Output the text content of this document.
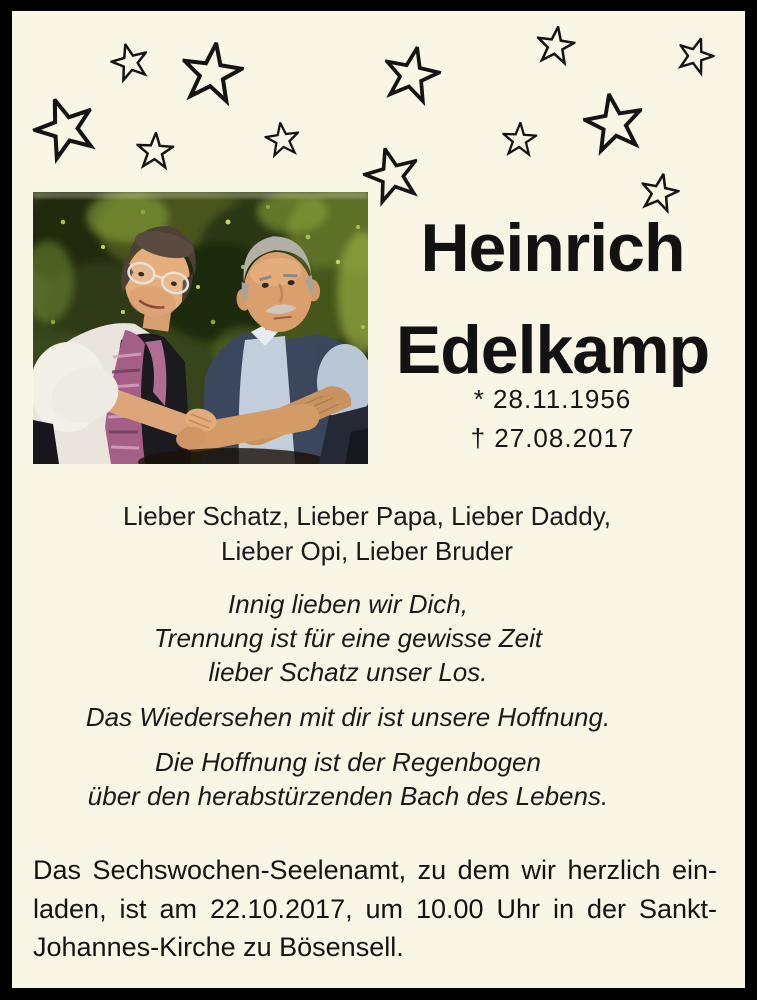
Heinrich
Edelkamp
* 28.11.1956
† 27.08.2017
Lieber Schatz, Lieber Papa, Lieber Daddy,
Lieber Opi, Lieber Bruder
Innig lieben wir Dich,
Trennung ist für eine gewisse Zeit
lieber Schatz unser Los.
Das Wiedersehen mit dir ist unsere Hoffnung.
Die Hoffnung ist der Regenbogen
über den herabstürzenden Bach des Lebens.
Das Sechswochen-Seelenamt, zu dem wir herzlich ein-
laden, ist am 22.10.2017, um 10.00 Uhr in der Sankt-
Johannes-Kirche zu Bösensell.
